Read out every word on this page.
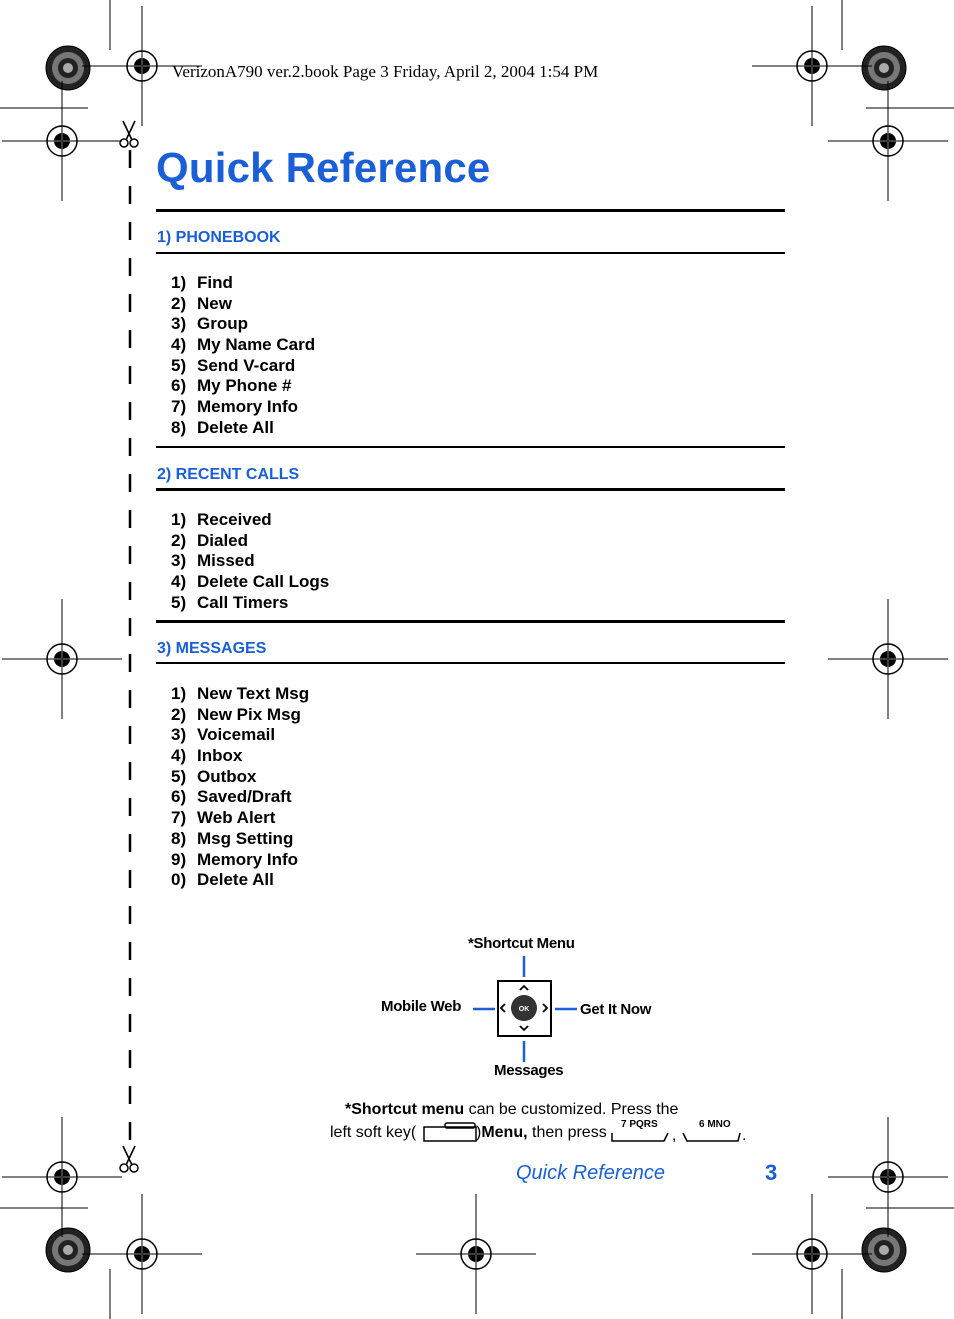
OK
VerizonA790 ver.2.book Page 3 Friday, April 2, 2004 1:54 PM
Quick Reference
1) PHONEBOOK
1) Find
2) New
3) Group
4) My Name Card
5) Send V-card
6) My Phone #
7) Memory Info
8) Delete All
2) RECENT CALLS
1) Received
2) Dialed
3) Missed
4) Delete Call Logs
5) Call Timers
3) MESSAGES
1) New Text Msg
2) New Pix Msg
3) Voicemail
4) Inbox
5) Outbox
6) Saved/Draft
7) Web Alert
8) Msg Setting
9) Memory Info
0) Delete All
*Shortcut Menu
Mobile Web	Get It Now
Messages
*Shortcut menu can be customized. Press the
left soft key(	)Menu, then press 7 PQRS
,
6 MNO
.
Quick Reference	3
